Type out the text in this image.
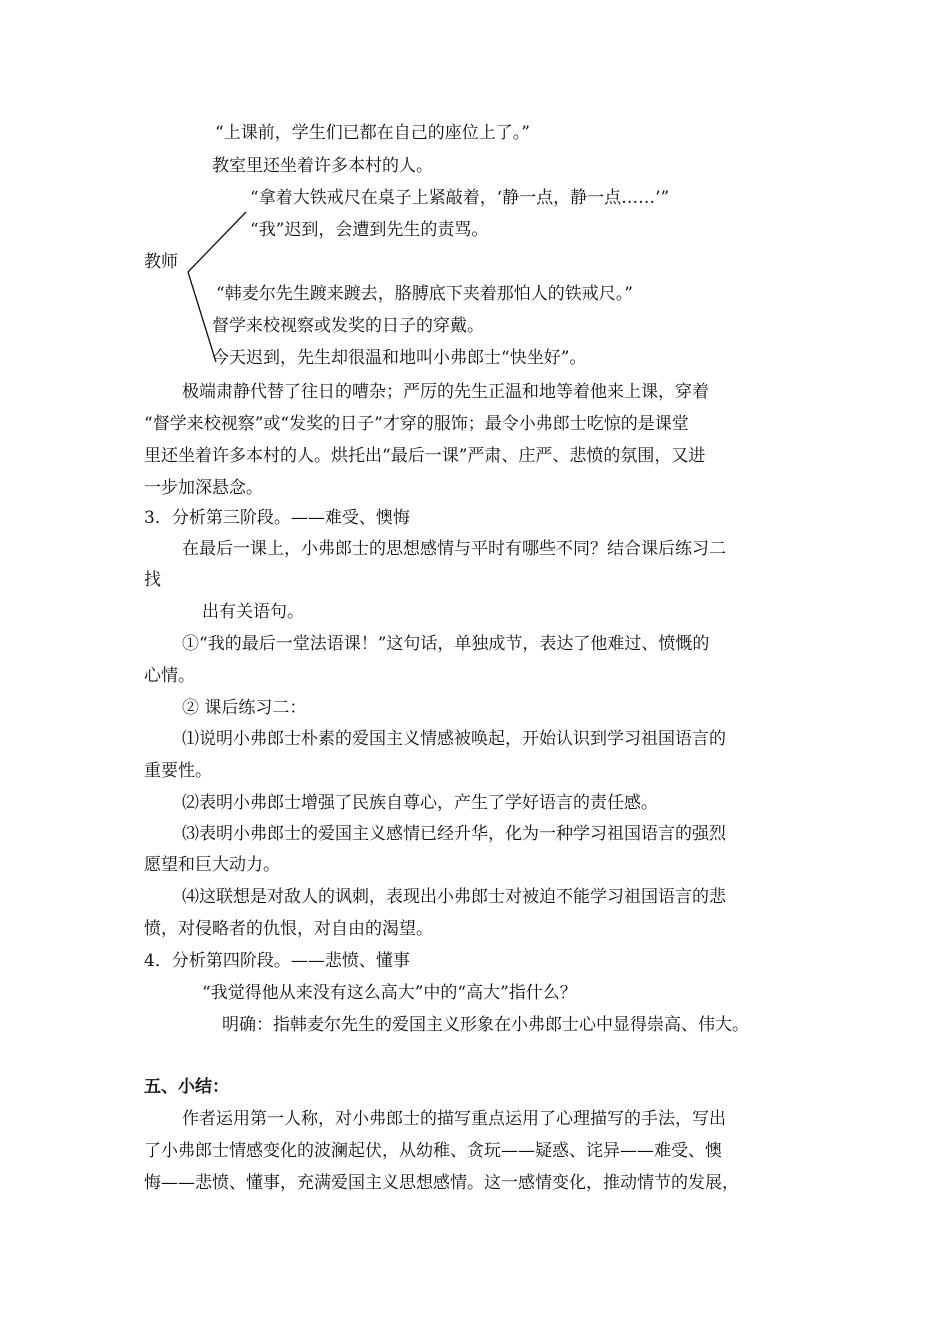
“上课前，学生们已都在自己的座位上了。”
教室里还坐着许多本村的人。
“拿着大铁戒尺在桌子上紧敲着，‘静一点，静一点……’”
“我”迟到，会遭到先生的责骂。
教师
“韩麦尔先生踱来踱去，胳膊底下夹着那怕人的铁戒尺。”
督学来校视察或发奖的日子的穿戴。
今天迟到，先生却很温和地叫小弗郎士“快坐好”。
极端肃静代替了往日的嘈杂；严厉的先生正温和地等着他来上课，穿着
“督学来校视察”或“发奖的日子”才穿的服饰；最令小弗郎士吃惊的是课堂
里还坐着许多本村的人。烘托出“最后一课”严肃、庄严、悲愤的氛围，又进
一步加深悬念。
3．分析第三阶段。——难受、懊悔
在最后一课上，小弗郎士的思想感情与平时有哪些不同？结合课后练习二
找
出有关语句。
①“我的最后一堂法语课！”这句话，单独成节，表达了他难过、愤慨的
心情。
② 课后练习二：
⑴说明小弗郎士朴素的爱国主义情感被唤起，开始认识到学习祖国语言的
重要性。
⑵表明小弗郎士增强了民族自尊心，产生了学好语言的责任感。
⑶表明小弗郎士的爱国主义感情已经升华，化为一种学习祖国语言的强烈
愿望和巨大动力。
⑷这联想是对敌人的讽刺，表现出小弗郎士对被迫不能学习祖国语言的悲
愤，对侵略者的仇恨，对自由的渴望。
4．分析第四阶段。——悲愤、懂事
“我觉得他从来没有这么高大”中的“高大”指什么？
明确：指韩麦尔先生的爱国主义形象在小弗郎士心中显得崇高、伟大。
五、小结：
作者运用第一人称，对小弗郎士的描写重点运用了心理描写的手法，写出
了小弗郎士情感变化的波澜起伏，从幼稚、贪玩——疑惑、诧异——难受、懊
悔——悲愤、懂事，充满爱国主义思想感情。这一感情变化，推动情节的发展，
